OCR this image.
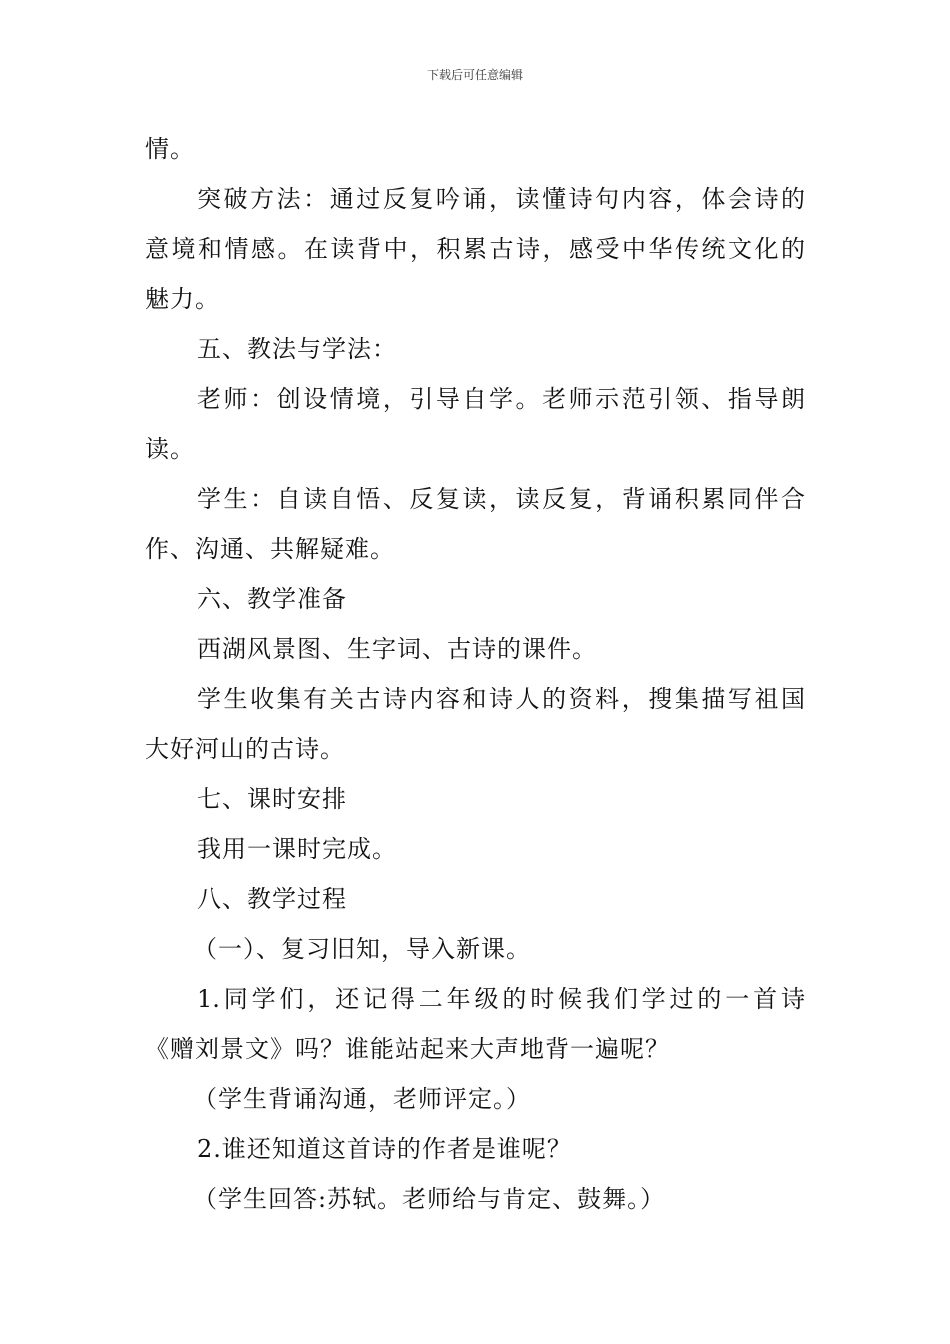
下载后可任意编辑
情。
突破方法：通过反复吟诵，读懂诗句内容，体会诗的
意境和情感。在读背中，积累古诗，感受中华传统文化的
魅力。
五、教法与学法：
老师：创设情境，引导自学。老师示范引领、指导朗
读。
学生：自读自悟、反复读，读反复，背诵积累同伴合
作、沟通、共解疑难。
六、教学准备
西湖风景图、生字词、古诗的课件。
学生收集有关古诗内容和诗人的资料，搜集描写祖国
大好河山的古诗。
七、课时安排
我用一课时完成。
八、教学过程
（一）、复习旧知，导入新课。
1.同学们，还记得二年级的时候我们学过的一首诗
《赠刘景文》吗？谁能站起来大声地背一遍呢？
（学生背诵沟通，老师评定。）
2.谁还知道这首诗的作者是谁呢？
（学生回答:苏轼。老师给与肯定、鼓舞。）
